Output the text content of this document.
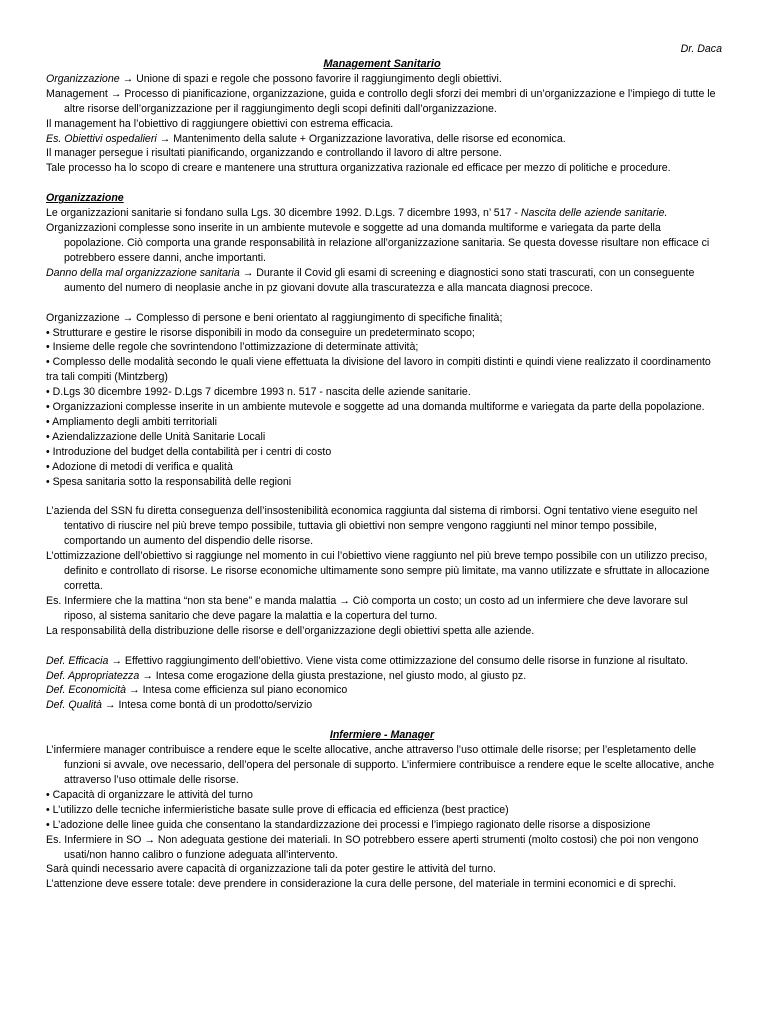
Dr. Daca
Management Sanitario
Organizzazione → Unione di spazi e regole che possono favorire il raggiungimento degli obiettivi.
Management → Processo di pianificazione, organizzazione, guida e controllo degli sforzi dei membri di un’organizzazione e l’impiego di tutte le altre risorse dell’organizzazione per il raggiungimento degli scopi definiti dall’organizzazione.
Il management ha l’obiettivo di raggiungere obiettivi con estrema efficacia.
Es. Obiettivi ospedalieri → Mantenimento della salute + Organizzazione lavorativa, delle risorse ed economica.
Il manager persegue i risultati pianificando, organizzando e controllando il lavoro di altre persone.
Tale processo ha lo scopo di creare e mantenere una struttura organizzativa razionale ed efficace per mezzo di politiche e procedure.
Organizzazione
Le organizzazioni sanitarie si fondano sulla Lgs. 30 dicembre 1992. D.Lgs. 7 dicembre 1993, n’ 517 - Nascita delle aziende sanitarie.
Organizzazioni complesse sono inserite in un ambiente mutevole e soggette ad una domanda multiforme e variegata da parte della popolazione. Ciò comporta una grande responsabilità in relazione all’organizzazione sanitaria. Se questa dovesse risultare non efficace ci potrebbero essere danni, anche importanti.
Danno della mal organizzazione sanitaria → Durante il Covid gli esami di screening e diagnostici sono stati trascurati, con un conseguente aumento del numero di neoplasie anche in pz giovani dovute alla trascuratezza e alla mancata diagnosi precoce.
Organizzazione → Complesso di persone e beni orientato al raggiungimento di specifiche finalità;
• Strutturare e gestire le risorse disponibili in modo da conseguire un predeterminato scopo;
• Insieme delle regole che sovrintendono l’ottimizzazione di determinate attività;
• Complesso delle modalità secondo le quali viene effettuata la divisione del lavoro in compiti distinti e quindi viene realizzato il coordinamento tra tali compiti (Mintzberg)
• D.Lgs 30 dicembre 1992- D.Lgs 7 dicembre 1993 n. 517 - nascita delle aziende sanitarie.
• Organizzazioni complesse inserite in un ambiente mutevole e soggette ad una domanda multiforme e variegata da parte della popolazione.
• Ampliamento degli ambiti territoriali
• Aziendalizzazione delle Unità Sanitarie Locali
• Introduzione del budget della contabilità per i centri di costo
• Adozione di metodi di verifica e qualità
• Spesa sanitaria sotto la responsabilità delle regioni
L’azienda del SSN fu diretta conseguenza dell’insostenibilità economica raggiunta dal sistema di rimborsi. Ogni tentativo viene eseguito nel tentativo di riuscire nel più breve tempo possibile, tuttavia gli obiettivi non sempre vengono raggiunti nel minor tempo possibile, comportando un aumento del dispendio delle risorse.
L’ottimizzazione dell’obiettivo si raggiunge nel momento in cui l’obiettivo viene raggiunto nel più breve tempo possibile con un utilizzo preciso, definito e controllato di risorse. Le risorse economiche ultimamente sono sempre più limitate, ma vanno utilizzate e sfruttate in allocazione corretta.
Es. Infermiere che la mattina “non sta bene” e manda malattia → Ciò comporta un costo; un costo ad un infermiere che deve lavorare sul riposo, al sistema sanitario che deve pagare la malattia e la copertura del turno.
La responsabilità della distribuzione delle risorse e dell’organizzazione degli obiettivi spetta alle aziende.
Def. Efficacia → Effettivo raggiungimento dell’obiettivo. Viene vista come ottimizzazione del consumo delle risorse in funzione al risultato.
Def. Appropriatezza → Intesa come erogazione della giusta prestazione, nel giusto modo, al giusto pz.
Def. Economicità → Intesa come efficienza sul piano economico
Def. Qualità → Intesa come bontà di un prodotto/servizio
Infermiere - Manager
L’infermiere manager contribuisce a rendere eque le scelte allocative, anche attraverso l’uso ottimale delle risorse; per l’espletamento delle funzioni si avvale, ove necessario, dell’opera del personale di supporto. L’infermiere contribuisce a rendere eque le scelte allocative, anche attraverso l’uso ottimale delle risorse.
• Capacità di organizzare le attività del turno
• L’utilizzo delle tecniche infermieristiche basate sulle prove di efficacia ed efficienza (best practice)
• L’adozione delle linee guida che consentano la standardizzazione dei processi e l’impiego ragionato delle risorse a disposizione
Es. Infermiere in SO → Non adeguata gestione dei materiali. In SO potrebbero essere aperti strumenti (molto costosi) che poi non vengono usati/non hanno calibro o funzione adeguata all’intervento.
Sarà quindi necessario avere capacità di organizzazione tali da poter gestire le attività del turno.
L’attenzione deve essere totale: deve prendere in considerazione la cura delle persone, del materiale in termini economici e di sprechi.
